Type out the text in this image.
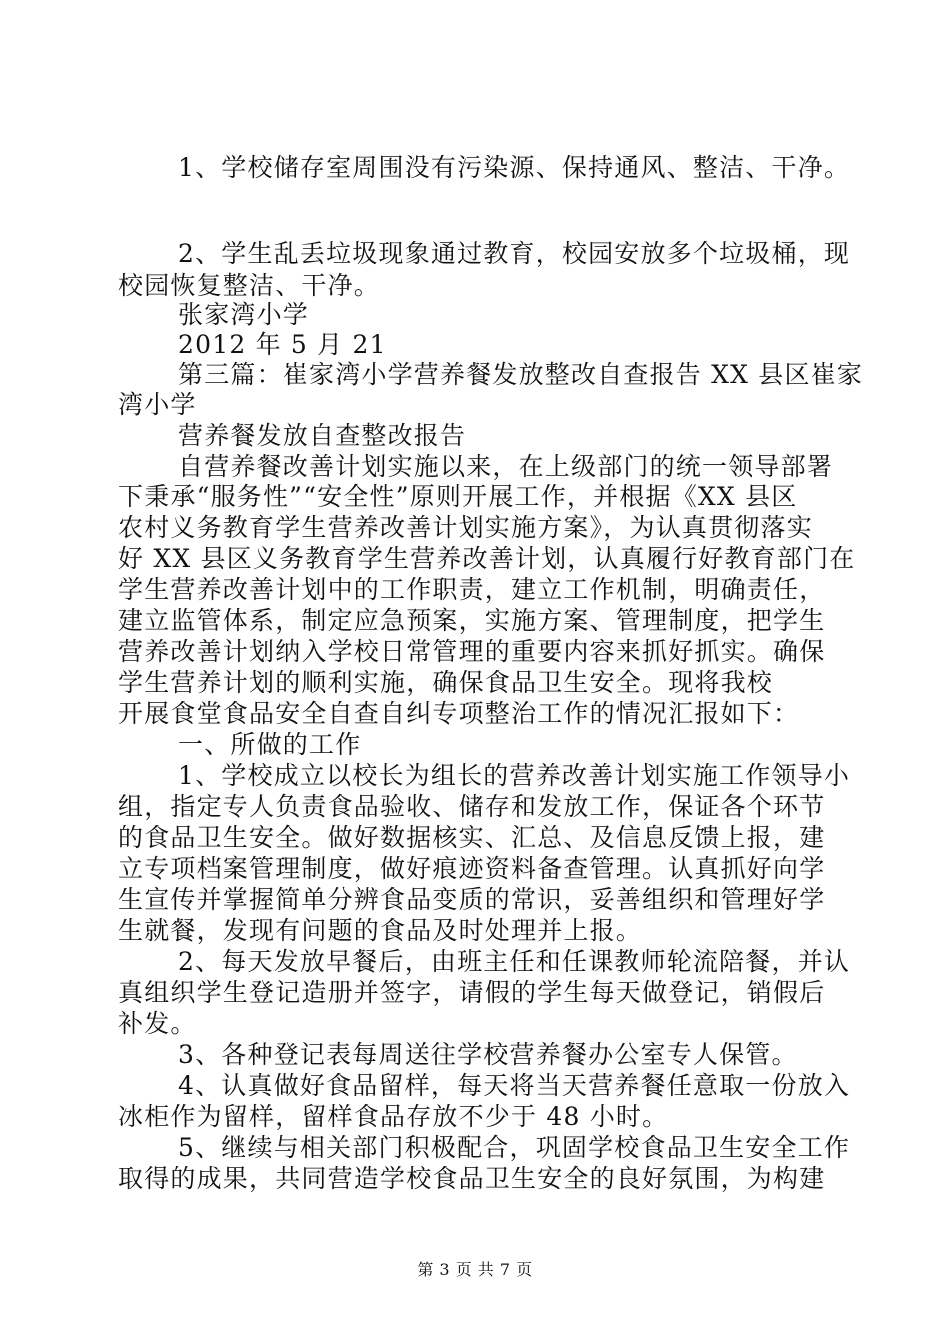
1、学校储存室周围没有污染源、保持通风、整洁、干净。
2、学生乱丢垃圾现象通过教育，校园安放多个垃圾桶，现
校园恢复整洁、干净。
张家湾小学
2012 年 5 月 21
第三篇：崔家湾小学营养餐发放整改自查报告 XX 县区崔家
湾小学
营养餐发放自查整改报告
自营养餐改善计划实施以来，在上级部门的统一领导部署
下秉承“服务性”“安全性”原则开展工作，并根据《XX 县区
农村义务教育学生营养改善计划实施方案》，为认真贯彻落实
好 XX 县区义务教育学生营养改善计划，认真履行好教育部门在
学生营养改善计划中的工作职责，建立工作机制，明确责任，
建立监管体系，制定应急预案，实施方案、管理制度，把学生
营养改善计划纳入学校日常管理的重要内容来抓好抓实。确保
学生营养计划的顺利实施，确保食品卫生安全。现将我校
开展食堂食品安全自查自纠专项整治工作的情况汇报如下：
一、所做的工作
1、学校成立以校长为组长的营养改善计划实施工作领导小
组，指定专人负责食品验收、储存和发放工作，保证各个环节
的食品卫生安全。做好数据核实、汇总、及信息反馈上报，建
立专项档案管理制度，做好痕迹资料备查管理。认真抓好向学
生宣传并掌握简单分辨食品变质的常识，妥善组织和管理好学
生就餐，发现有问题的食品及时处理并上报。
2、每天发放早餐后，由班主任和任课教师轮流陪餐，并认
真组织学生登记造册并签字，请假的学生每天做登记，销假后
补发。
3、各种登记表每周送往学校营养餐办公室专人保管。
4、认真做好食品留样，每天将当天营养餐任意取一份放入
冰柜作为留样，留样食品存放不少于 48 小时。
5、继续与相关部门积极配合，巩固学校食品卫生安全工作
取得的成果，共同营造学校食品卫生安全的良好氛围，为构建
第 3 页 共 7 页
